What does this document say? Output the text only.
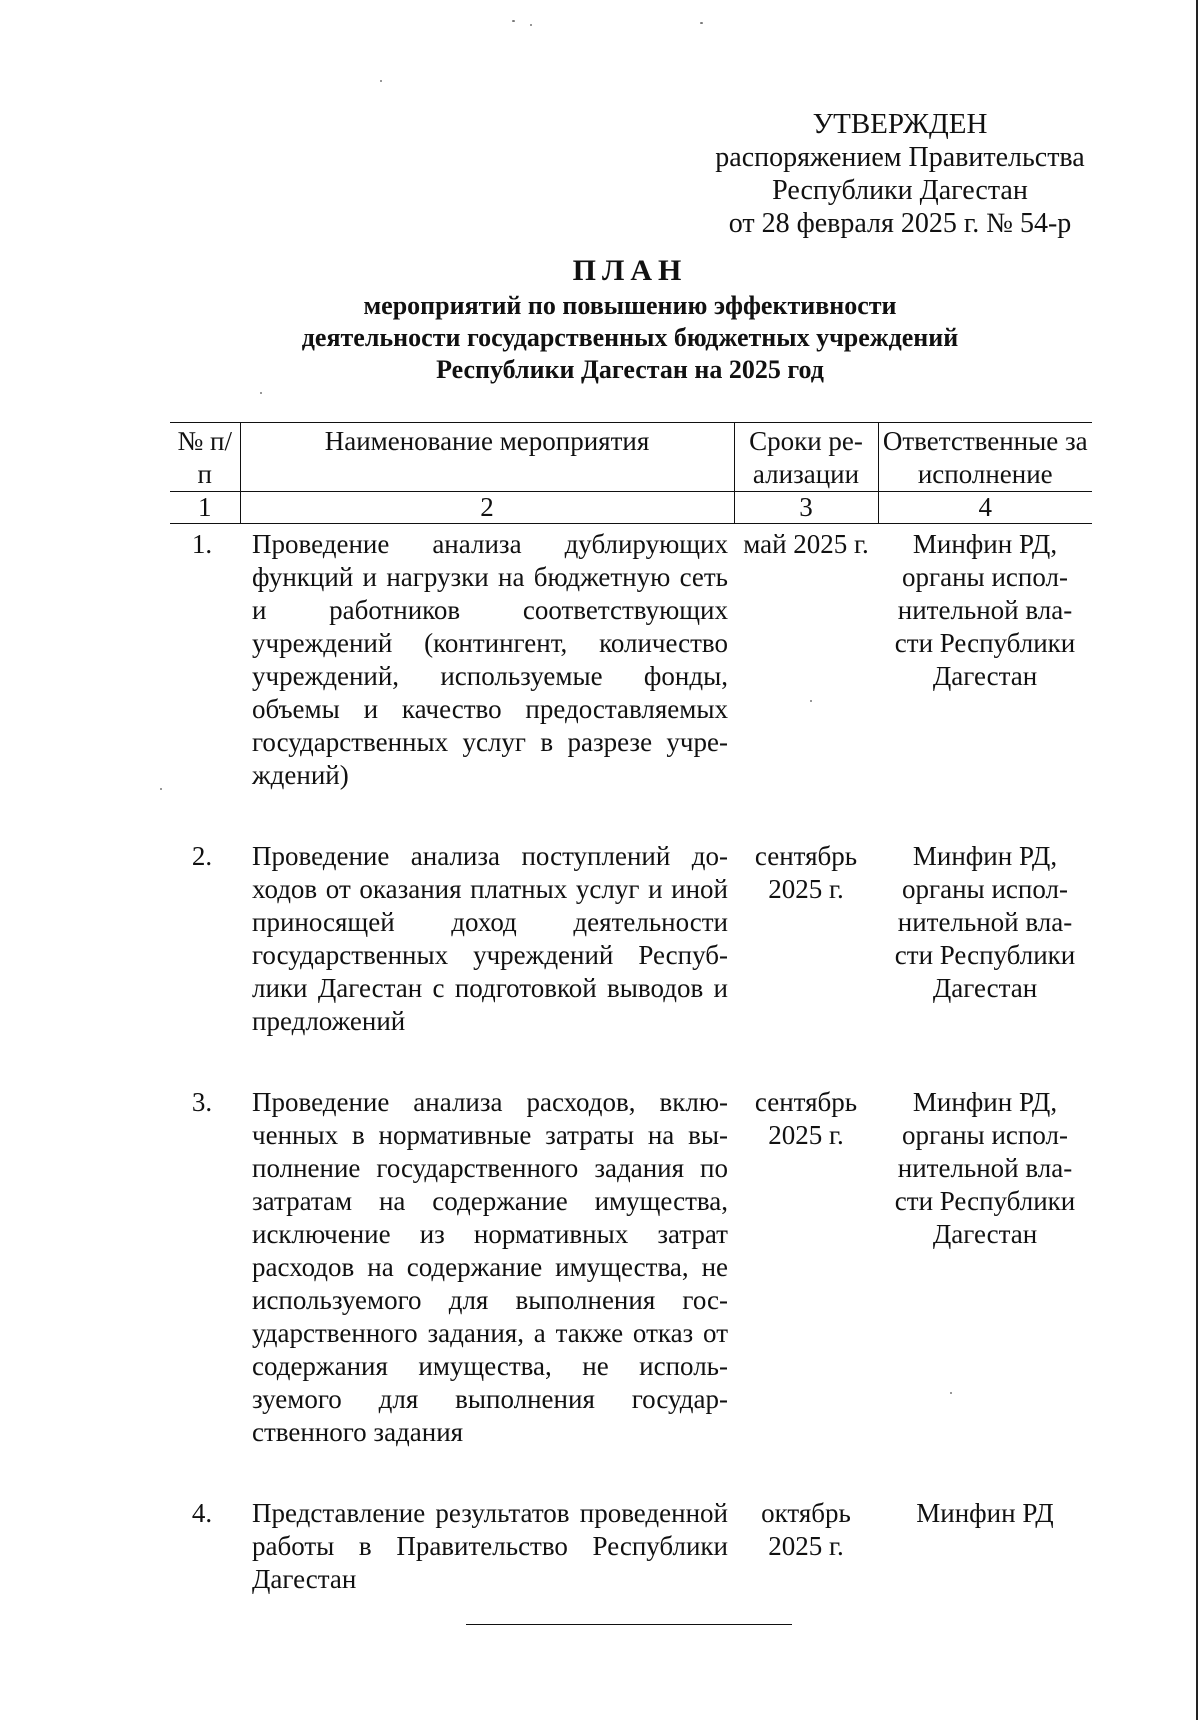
УТВЕРЖДЕН
распоряжением Правительства
Республики Дагестан
от 28 февраля 2025 г. № 54-р
ПЛАН
мероприятий по повышению эффективности
деятельности государственных бюджетных учреждений
Республики Дагестан на 2025 год
№ п/п	Наименование мероприятия	Сроки реализации	Ответственные за исполнение
1	2	3	4
1.	Проведение анализа дублирующих функций и нагрузки на бюджетную сеть и работников соответствующих учреждений (контингент, количество учреждений, используемые фонды, объемы и качество предоставляемых государственных услуг в разрезе учреждений)	май 2025 г.	Минфин РД, органы исполнительной власти Республики Дагестан
2.	Проведение анализа поступлений доходов от оказания платных услуг и иной приносящей доход деятельности государственных учреждений Республики Дагестан с подготовкой выводов и предложений	сентябрь 2025 г.	Минфин РД, органы исполнительной власти Республики Дагестан
3.	Проведение анализа расходов, включенных в нормативные затраты на выполнение государственного задания по затратам на содержание имущества, исключение из нормативных затрат расходов на содержание имущества, не используемого для выполнения государственного задания, а также отказ от содержания имущества, не используемого для выполнения государственного задания	сентябрь 2025 г.	Минфин РД, органы исполнительной власти Республики Дагестан
4.	Представление результатов проведенной работы в Правительство Республики Дагестан	октябрь 2025 г.	Минфин РД
